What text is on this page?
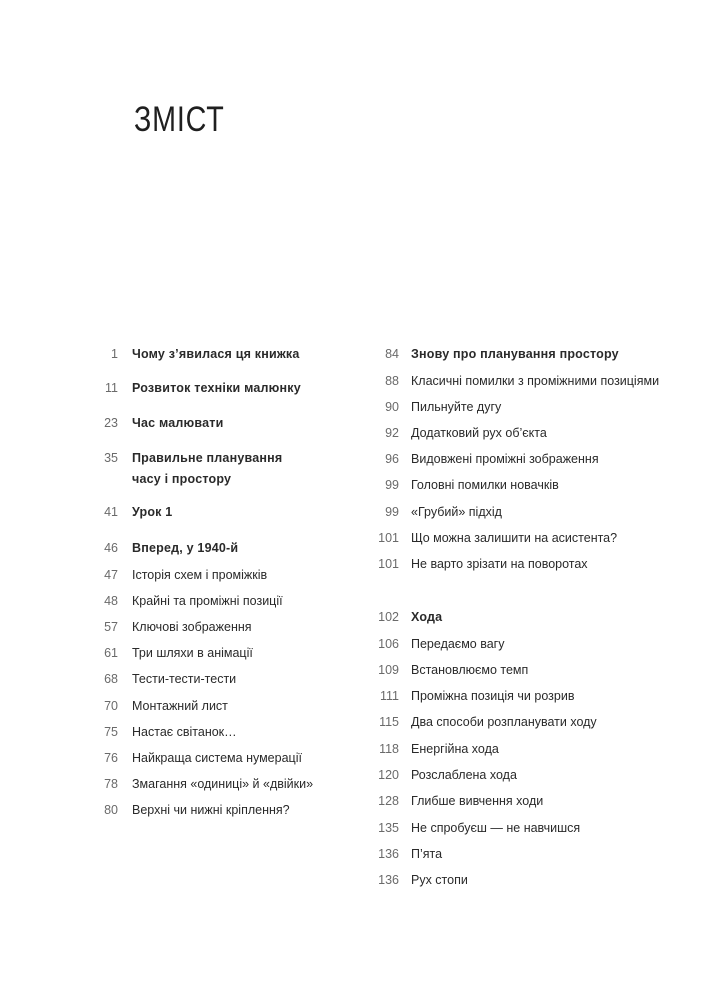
ЗМІСТ
1 Чому з’явилася ця книжка
11 Розвиток техніки малюнку
23 Час малювати
35 Правильне планування
часу і простору
41 Урок 1
46 Вперед, у 1940-й
47 Історія схем і проміжків
48 Крайні та проміжні позиції
57 Ключові зображення
61 Три шляхи в анімації
68 Тести-тести-тести
70 Монтажний лист
75 Настає світанок…
76 Найкраща система нумерації
78 Змагання «одиниці» й «двійки»
80 Верхні чи нижні кріплення?
84 Знову про планування простору
88 Класичні помилки з проміжними позиціями
90 Пильнуйте дугу
92 Додатковий рух об’єкта
96 Видовжені проміжні зображення
99 Головні помилки новачків
99 «Грубий» підхід
101 Що можна залишити на асистента?
101 Не варто зрізати на поворотах
102 Хода
106 Передаємо вагу
109 Встановлюємо темп
111 Проміжна позиція чи розрив
115 Два способи розпланувати ходу
118 Енергійна хода
120 Розслаблена хода
128 Глибше вивчення ходи
135 Не спробуєш — не навчишся
136 П’ята
136 Рух стопи
